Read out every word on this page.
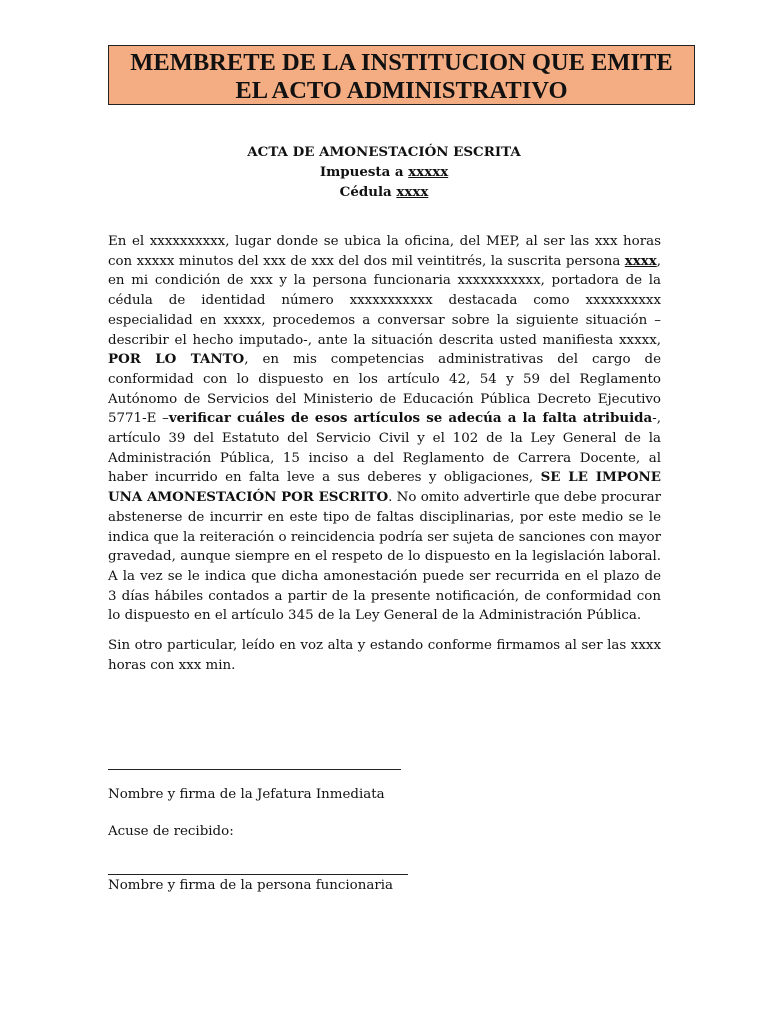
MEMBRETE DE LA INSTITUCION QUE EMITE
EL ACTO ADMINISTRATIVO
ACTA DE AMONESTACIÓN ESCRITA
Impuesta a xxxxx
Cédula xxxx

En el xxxxxxxxxx, lugar donde se ubica la oficina, del MEP, al ser las xxx horas con xxxxx minutos del xxx de xxx del dos mil veintitrés, la suscrita persona xxxx, en mi condición de xxx y la persona funcionaria xxxxxxxxxxx, portadora de la cédula de identidad número xxxxxxxxxxx destacada como xxxxxxxxxx especialidad en xxxxx, procedemos a conversar sobre la siguiente situación –describir el hecho imputado-, ante la situación descrita usted manifiesta xxxxx, POR LO TANTO, en mis competencias administrativas del cargo de conformidad con lo dispuesto en los artículo 42, 54 y 59 del Reglamento Autónomo de Servicios del Ministerio de Educación Pública Decreto Ejecutivo 5771-E –verificar cuáles de esos artículos se adecúa a la falta atribuida-, artículo 39 del Estatuto del Servicio Civil y el 102 de la Ley General de la Administración Pública, 15 inciso a del Reglamento de Carrera Docente, al haber incurrido en falta leve a sus deberes y obligaciones, SE LE IMPONE UNA AMONESTACIÓN POR ESCRITO. No omito advertirle que debe procurar abstenerse de incurrir en este tipo de faltas disciplinarias, por este medio se le indica que la reiteración o reincidencia podría ser sujeta de sanciones con mayor gravedad, aunque siempre en el respeto de lo dispuesto en la legislación laboral. A la vez se le indica que dicha amonestación puede ser recurrida en el plazo de 3 días hábiles contados a partir de la presente notificación, de conformidad con lo dispuesto en el artículo 345 de la Ley General de la Administración Pública.

Sin otro particular, leído en voz alta y estando conforme firmamos al ser las xxxx horas con xxx min.

Nombre y firma de la Jefatura Inmediata
Acuse de recibido:
Nombre y firma de la persona funcionaria
